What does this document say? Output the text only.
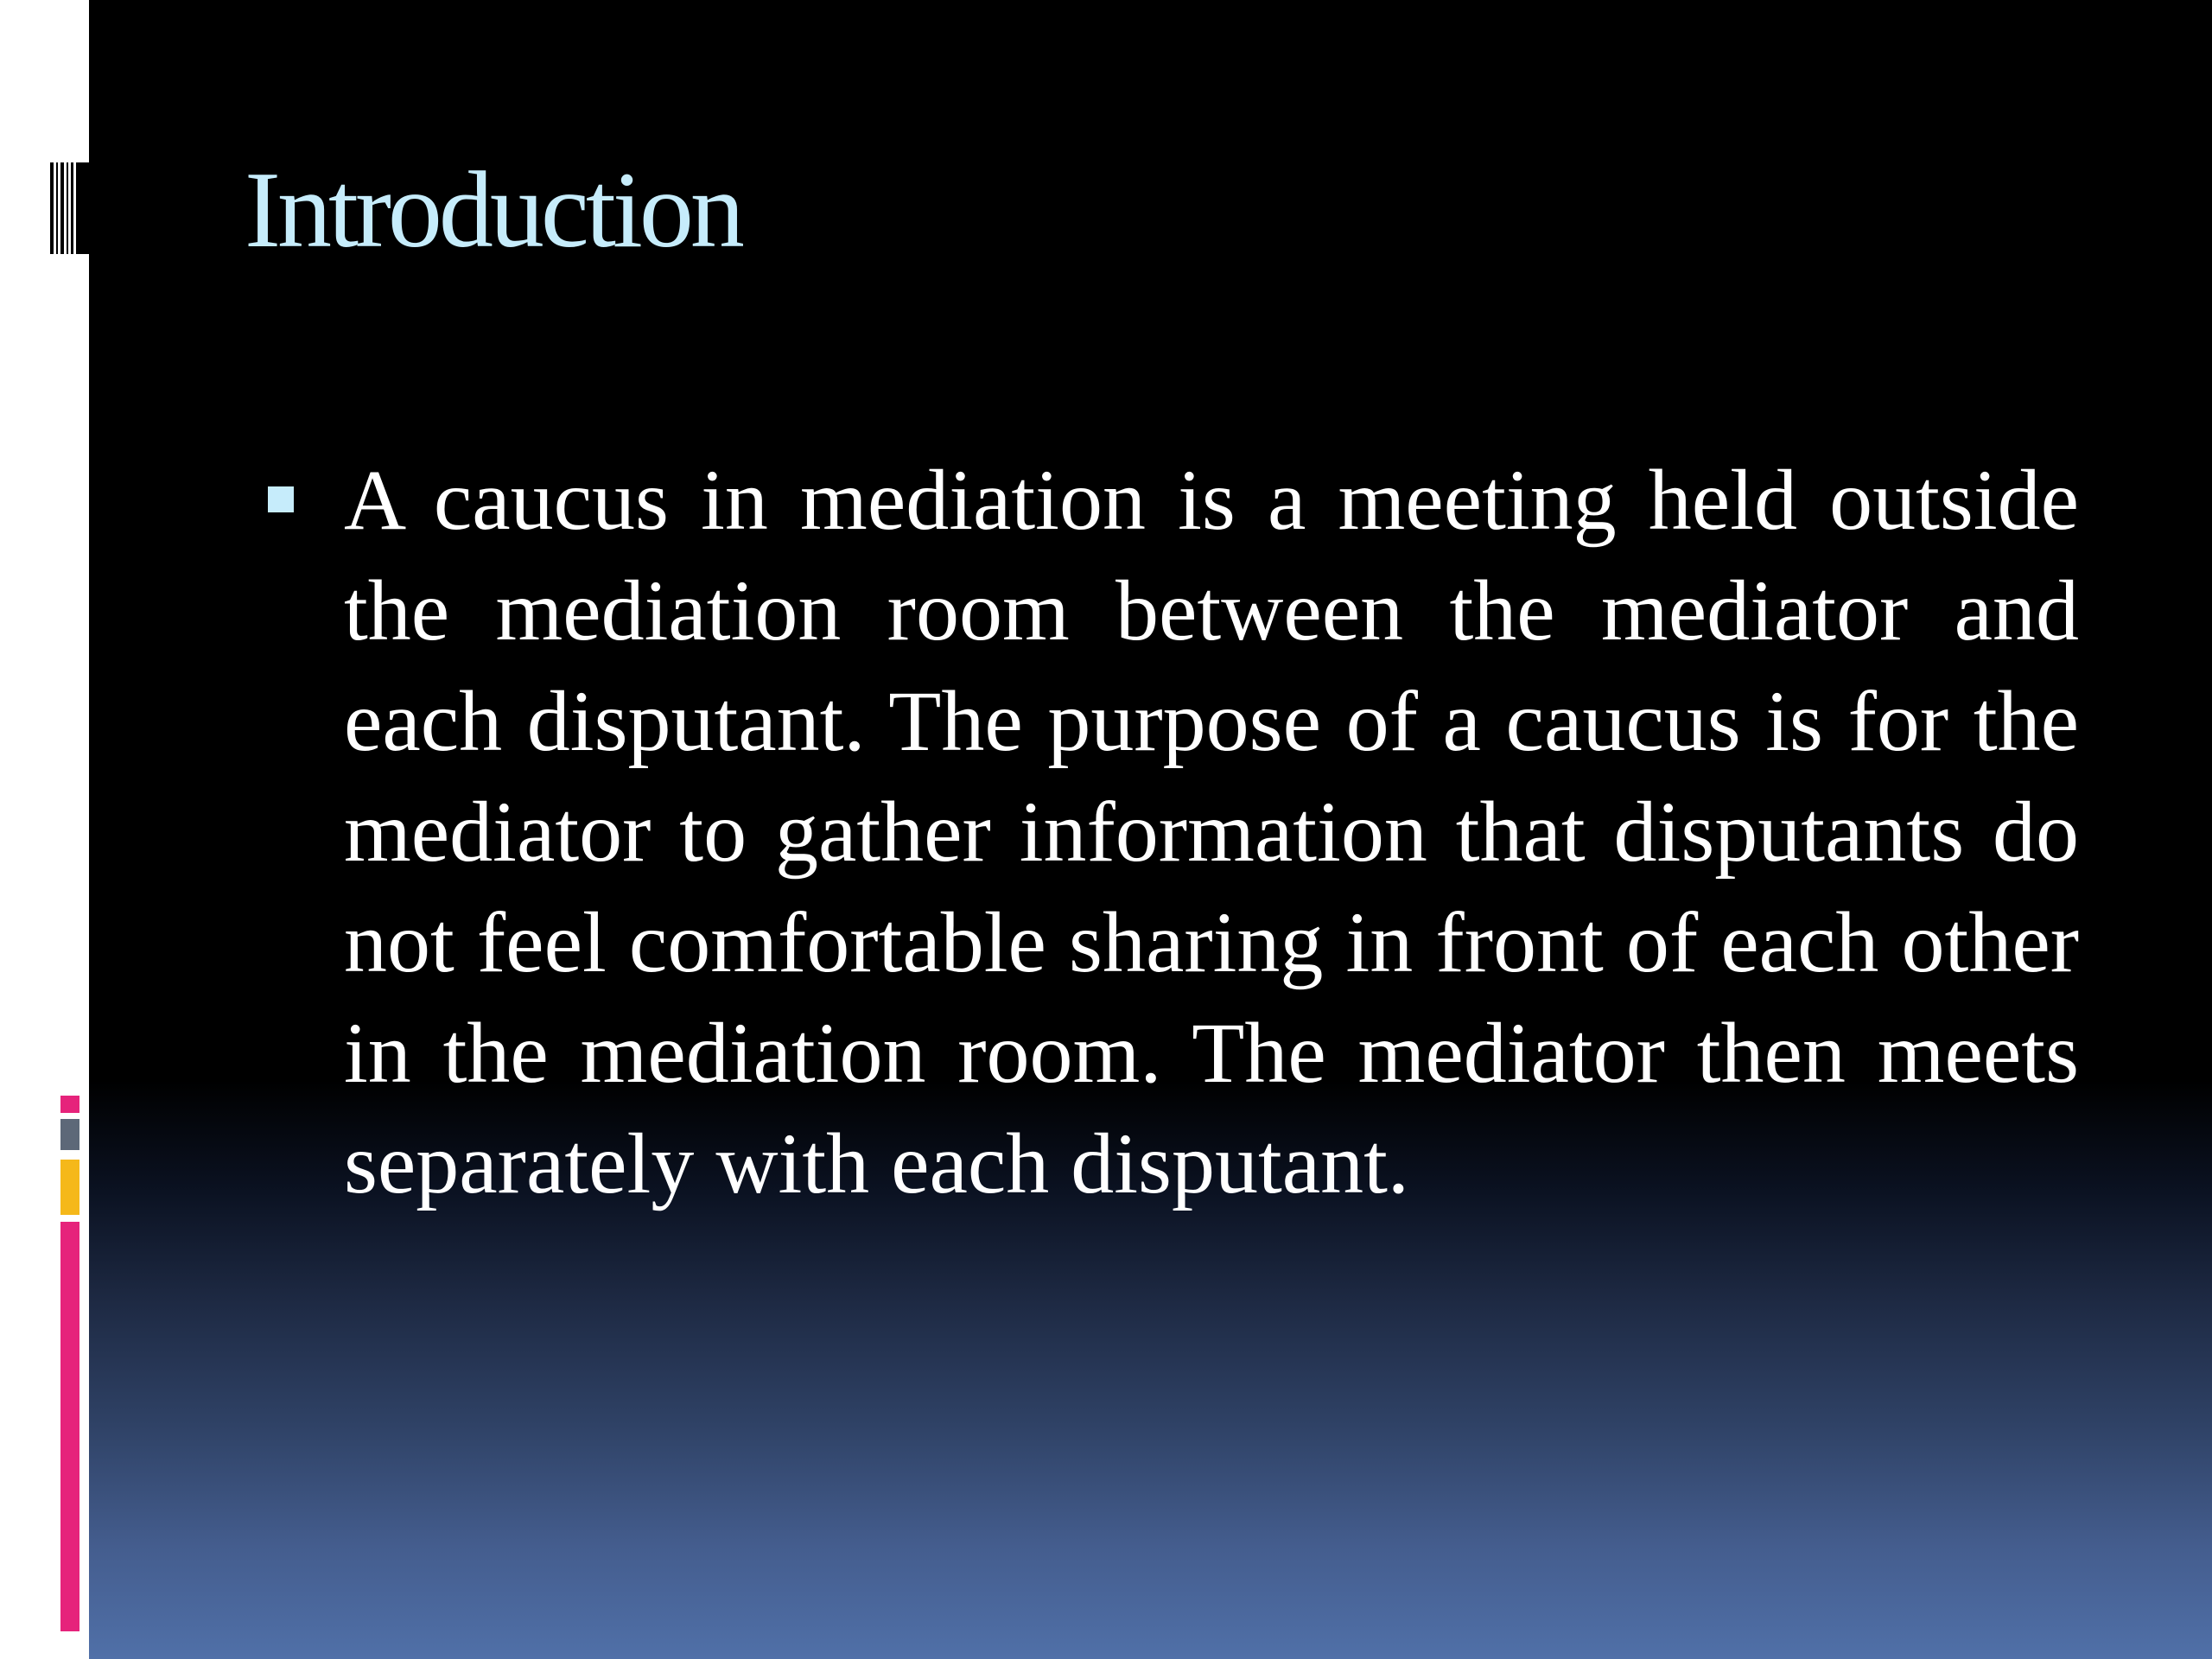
Introduction

A caucus in mediation is a meeting held outside the mediation room between the mediator and each disputant. The purpose of a caucus is for the mediator to gather information that disputants do not feel comfortable sharing in front of each other in the mediation room. The mediator then meets separately with each disputant.
